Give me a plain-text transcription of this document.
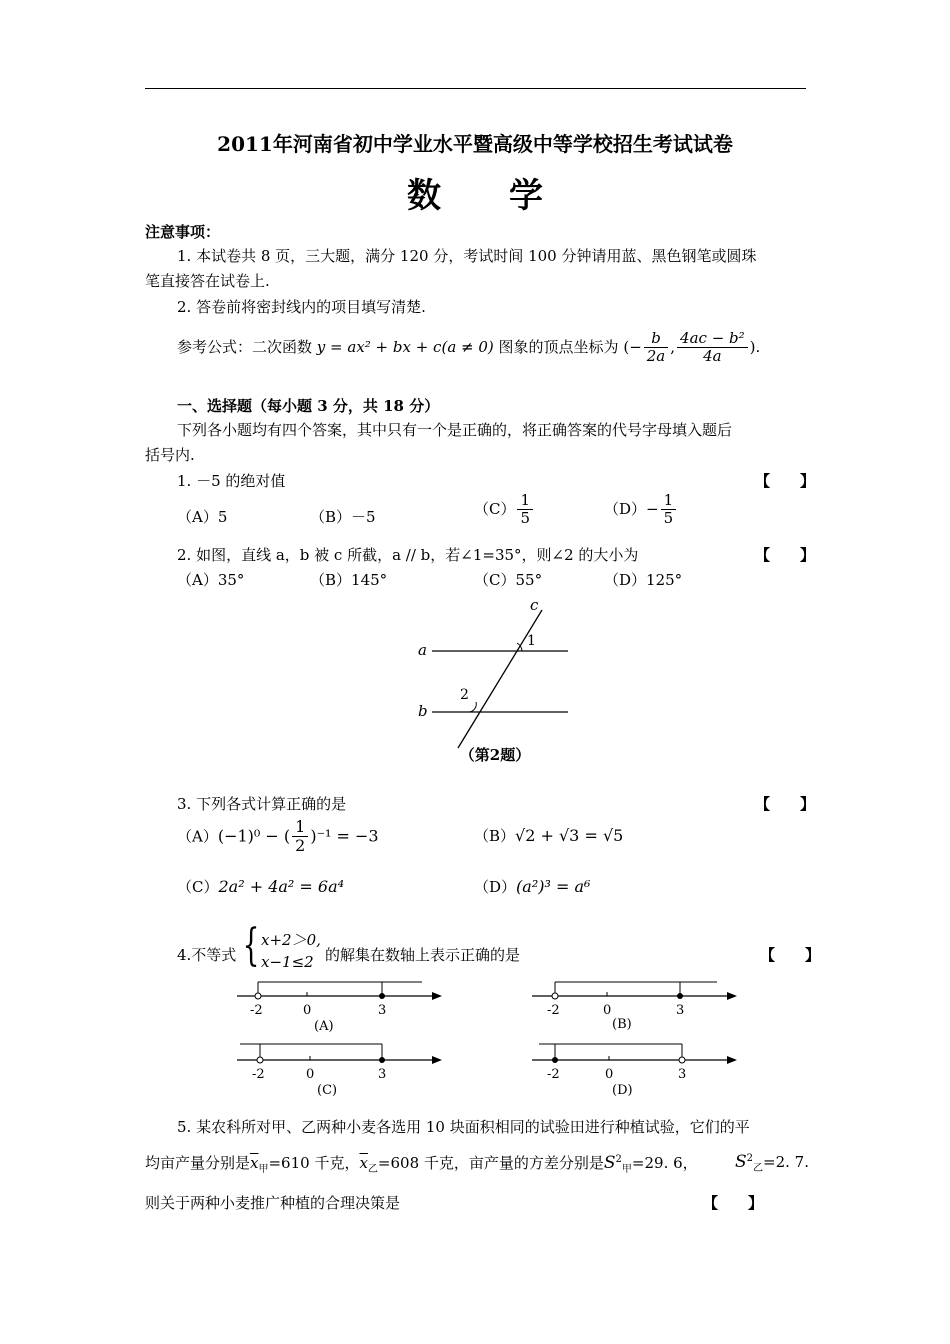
2011年河南省初中学业水平暨高级中等学校招生考试试卷
数学
注意事项：
1. 本试卷共 8 页，三大题，满分 120 分，考试时间 100 分钟请用蓝、黑色钢笔或圆珠
笔直接答在试卷上.
2. 答卷前将密封线内的项目填写清楚.
参考公式：二次函数 y = ax² + bx + c(a ≠ 0) 图象的顶点坐标为 (− $\frac{b}{2a}$ , $\frac{\text{4ac − b²}}{4a}$ ).
一、选择题（每小题 3 分，共 18 分）
下列各小题均有四个答案，其中只有一个是正确的，将正确答案的代号字母填入题后
括号内.
1. －5 的绝对值	【　　】
（A）5	（B）－5	$(C) \frac{1}{5}$	$(D)- \frac{1}{5}$
2. 如图，直线 a，b 被 c 所截，a // b，若∠1=35°，则∠2 的大小为	【　　】
（A）35°	（B）145°	（C）55°	（D）125°
a
b
c
1
2
（第2题）
3. 下列各式计算正确的是	【　　】
（A）(−1)⁰ − ( $\frac{1}{2} )^{-1} = -3$	（B）√2 + √3 = √5
（C）2a² + 4a² = 6a⁴	（D）(a²)³ = a⁶
4.不等式 { x+2＞0,
x−1≤2 的解集在数轴上表示正确的是	【　　】
-2	0	3
(A)
-2	0	3
(B)
-2	0	3
(C)
-2	0	3
(D)
5. 某农科所对甲、乙两种小麦各选用 10 块面积相同的试验田进行种植试验，它们的平
均亩产量分别是$\overline{x}_甲=610$ 千克，$\overline{x}_乙=608$ 千克，亩产量的方差分别是$S^2_甲=29$. 6， $S^2_乙=2$. 7.
则关于两种小麦推广种植的合理决策是	【　　】
